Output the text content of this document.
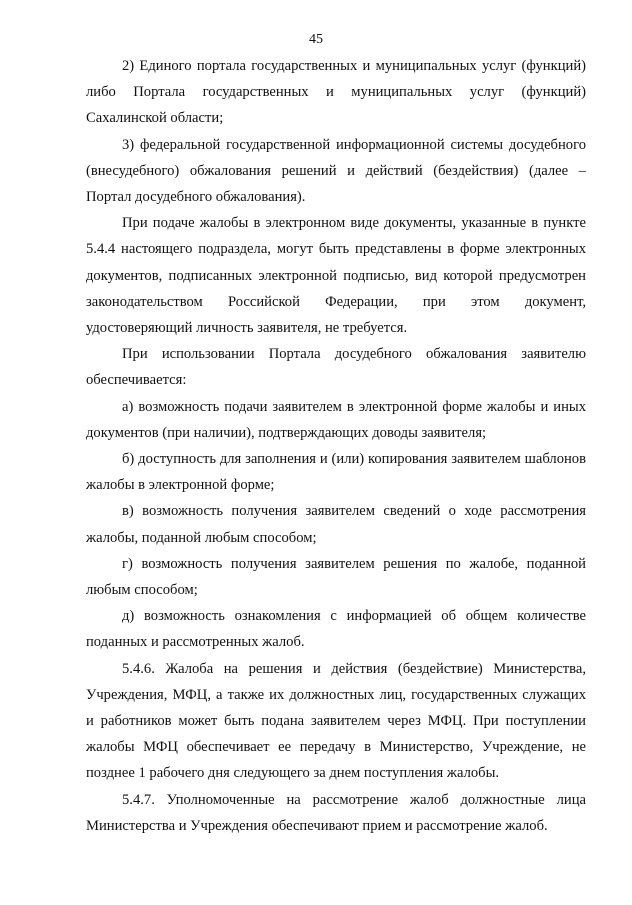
45

2) Единого портала государственных и муниципальных услуг (функций) либо Портала государственных и муниципальных услуг (функций) Сахалинской области;

3) федеральной государственной информационной системы досудебного (внесудебного) обжалования решений и действий (бездействия) (далее – Портал досудебного обжалования).

При подаче жалобы в электронном виде документы, указанные в пункте 5.4.4 настоящего подраздела, могут быть представлены в форме электронных документов, подписанных электронной подписью, вид которой предусмотрен законодательством Российской Федерации, при этом документ, удостоверяющий личность заявителя, не требуется.

При использовании Портала досудебного обжалования заявителю обеспечивается:

а) возможность подачи заявителем в электронной форме жалобы и иных документов (при наличии), подтверждающих доводы заявителя;

б) доступность для заполнения и (или) копирования заявителем шаблонов жалобы в электронной форме;

в) возможность получения заявителем сведений о ходе рассмотрения жалобы, поданной любым способом;

г) возможность получения заявителем решения по жалобе, поданной любым способом;

д) возможность ознакомления с информацией об общем количестве поданных и рассмотренных жалоб.

5.4.6. Жалоба на решения и действия (бездействие) Министерства, Учреждения, МФЦ, а также их должностных лиц, государственных служащих и работников может быть подана заявителем через МФЦ. При поступлении жалобы МФЦ обеспечивает ее передачу в Министерство, Учреждение, не позднее 1 рабочего дня следующего за днем поступления жалобы.

5.4.7. Уполномоченные на рассмотрение жалоб должностные лица Министерства и Учреждения обеспечивают прием и рассмотрение жалоб.
